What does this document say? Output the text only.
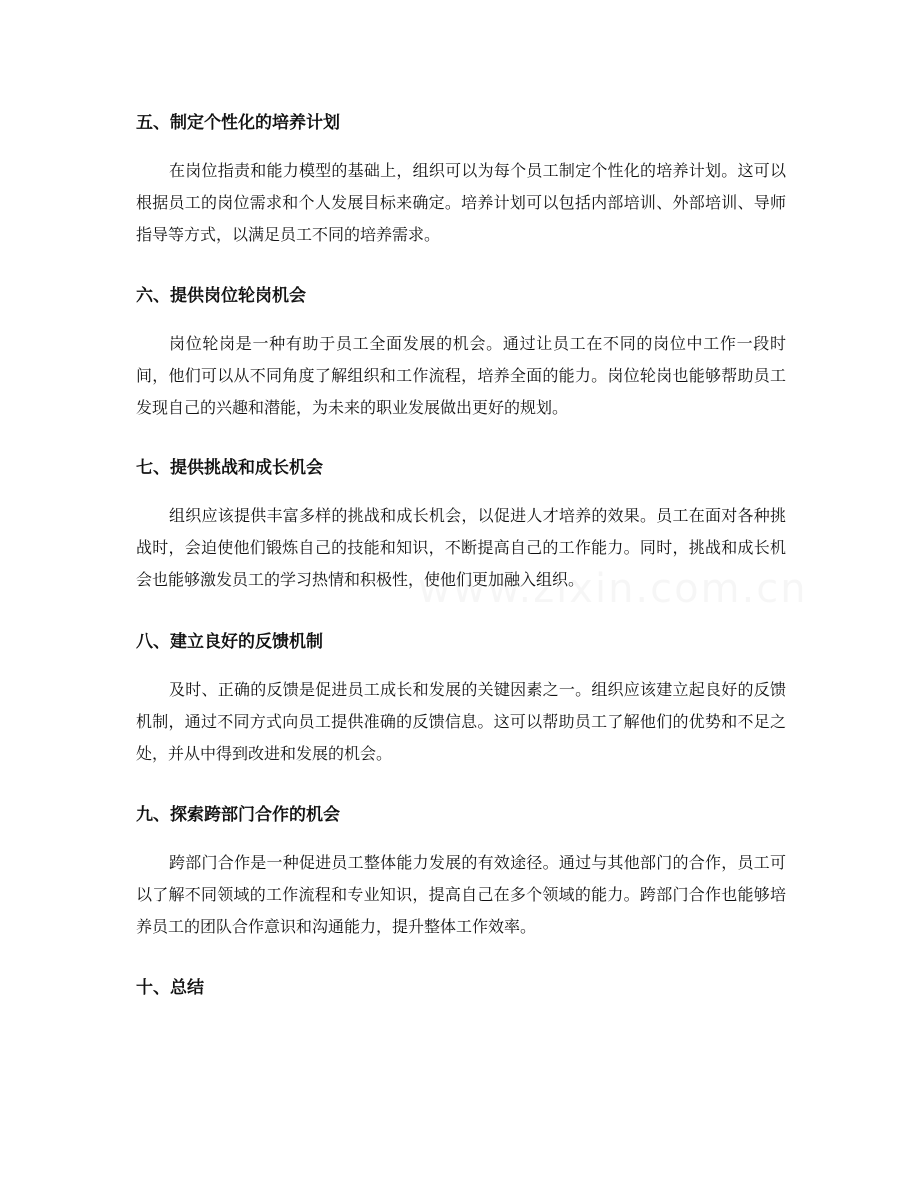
五、制定个性化的培养计划

在岗位指责和能力模型的基础上，组织可以为每个员工制定个性化的培养计划。这可以根据员工的岗位需求和个人发展目标来确定。培养计划可以包括内部培训、外部培训、导师指导等方式，以满足员工不同的培养需求。

六、提供岗位轮岗机会

岗位轮岗是一种有助于员工全面发展的机会。通过让员工在不同的岗位中工作一段时间，他们可以从不同角度了解组织和工作流程，培养全面的能力。岗位轮岗也能够帮助员工发现自己的兴趣和潜能，为未来的职业发展做出更好的规划。

七、提供挑战和成长机会

组织应该提供丰富多样的挑战和成长机会，以促进人才培养的效果。员工在面对各种挑战时，会迫使他们锻炼自己的技能和知识，不断提高自己的工作能力。同时，挑战和成长机会也能够激发员工的学习热情和积极性，使他们更加融入组织。

八、建立良好的反馈机制

及时、正确的反馈是促进员工成长和发展的关键因素之一。组织应该建立起良好的反馈机制，通过不同方式向员工提供准确的反馈信息。这可以帮助员工了解他们的优势和不足之处，并从中得到改进和发展的机会。

九、探索跨部门合作的机会

跨部门合作是一种促进员工整体能力发展的有效途径。通过与其他部门的合作，员工可以了解不同领域的工作流程和专业知识，提高自己在多个领域的能力。跨部门合作也能够培养员工的团队合作意识和沟通能力，提升整体工作效率。

十、总结
